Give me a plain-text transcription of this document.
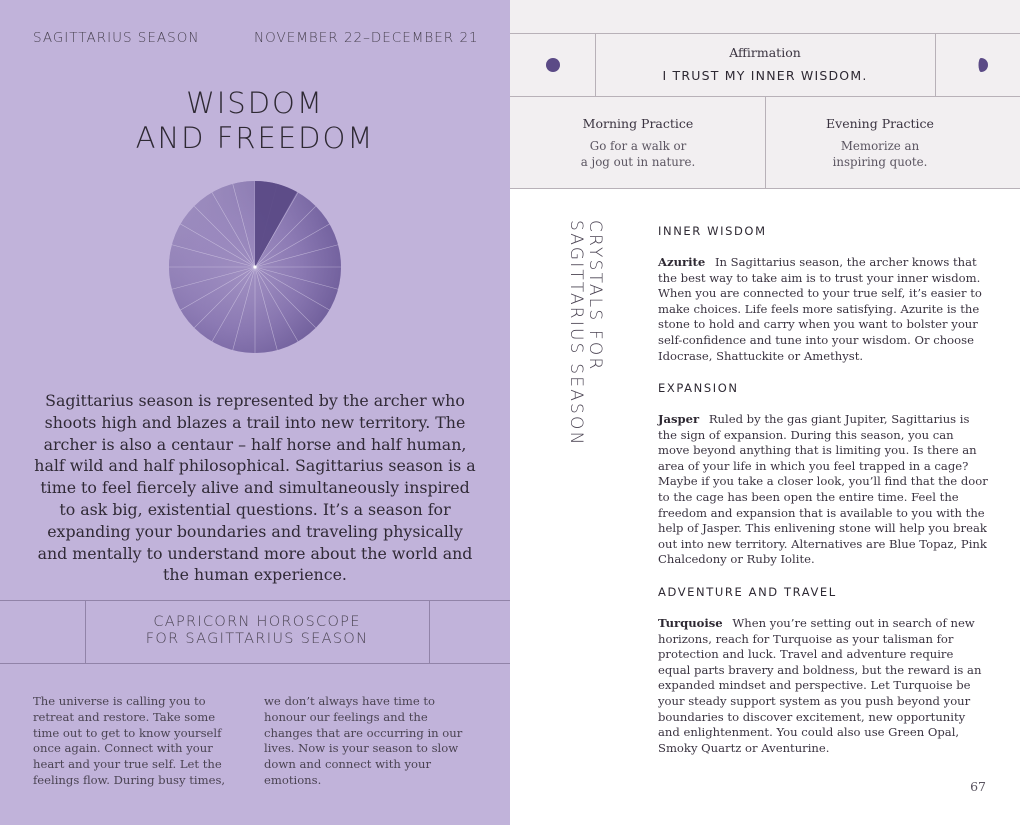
SAGITTARIUS SEASON	NOVEMBER 22–DECEMBER 21
WISDOM
AND FREEDOM
Sagittarius season is represented by the archer who shoots high and blazes a trail into new territory. The archer is also a centaur – half horse and half human, half wild and half philosophical. Sagittarius season is a time to feel fiercely alive and simultaneously inspired to ask big, existential questions. It’s a season for expanding your boundaries and traveling physically and mentally to understand more about the world and the human experience.
CAPRICORN HOROSCOPE
FOR SAGITTARIUS SEASON
The universe is calling you to retreat and restore. Take some time out to get to know yourself once again. Connect with your heart and your true self. Let the feelings flow. During busy times,
we don’t always have time to honour our feelings and the changes that are occurring in our lives. Now is your season to slow down and connect with your emotions.
Affirmation
I TRUST MY INNER WISDOM.
Morning Practice
Go for a walk or
a jog out in nature.
Evening Practice
Memorize an
inspiring quote.
CRYSTALS FOR
SAGITTARIUS SEASON	INNER WISDOM
Azurite In Sagittarius season, the archer knows that the best way to take aim is to trust your inner wisdom. When you are connected to your true self, it’s easier to make choices. Life feels more satisfying. Azurite is the stone to hold and carry when you want to bolster your self-confidence and tune into your wisdom. Or choose Idocrase, Shattuckite or Amethyst.
EXPANSION
Jasper Ruled by the gas giant Jupiter, Sagittarius is the sign of expansion. During this season, you can move beyond anything that is limiting you. Is there an area of your life in which you feel trapped in a cage? Maybe if you take a closer look, you’ll find that the door to the cage has been open the entire time. Feel the freedom and expansion that is available to you with the help of Jasper. This enlivening stone will help you break out into new territory. Alternatives are Blue Topaz, Pink Chalcedony or Ruby Iolite.
ADVENTURE AND TRAVEL
Turquoise When you’re setting out in search of new horizons, reach for Turquoise as your talisman for protection and luck. Travel and adventure require equal parts bravery and boldness, but the reward is an expanded mindset and perspective. Let Turquoise be your steady support system as you push beyond your boundaries to discover excitement, new opportunity and enlightenment. You could also use Green Opal, Smoky Quartz or Aventurine.
67
